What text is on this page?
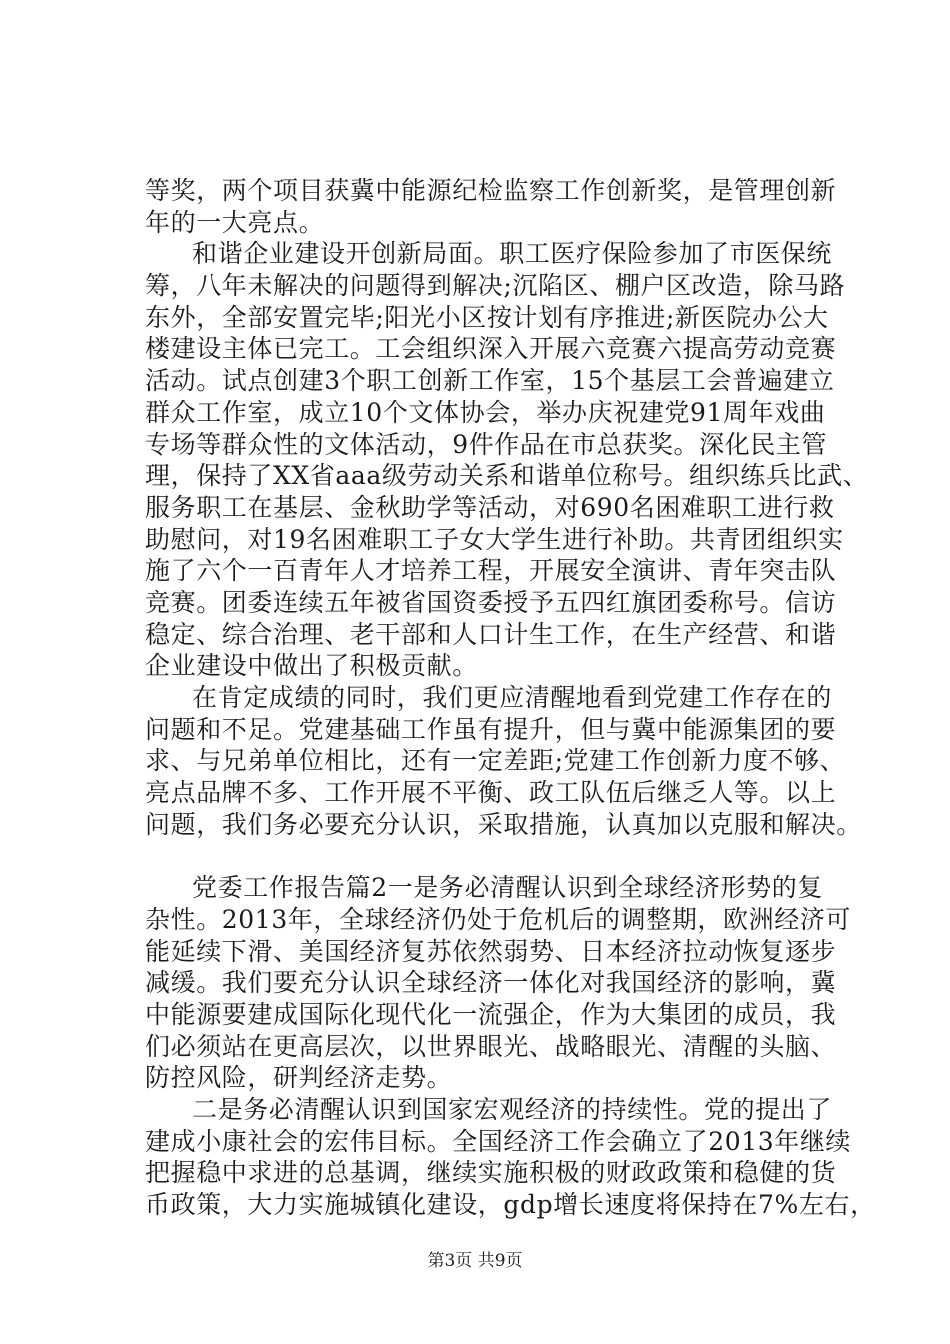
等奖，两个项目获冀中能源纪检监察工作创新奖，是管理创新
年的一大亮点。
和谐企业建设开创新局面。职工医疗保险参加了市医保统
筹，八年未解决的问题得到解决;沉陷区、棚户区改造，除马路
东外，全部安置完毕;阳光小区按计划有序推进;新医院办公大
楼建设主体已完工。工会组织深入开展六竞赛六提高劳动竞赛
活动。试点创建3个职工创新工作室，15个基层工会普遍建立
群众工作室，成立10个文体协会，举办庆祝建党91周年戏曲
专场等群众性的文体活动，9件作品在市总获奖。深化民主管
理，保持了XX省aaa级劳动关系和谐单位称号。组织练兵比武、
服务职工在基层、金秋助学等活动，对690名困难职工进行救
助慰问，对19名困难职工子女大学生进行补助。共青团组织实
施了六个一百青年人才培养工程，开展安全演讲、青年突击队
竞赛。团委连续五年被省国资委授予五四红旗团委称号。信访
稳定、综合治理、老干部和人口计生工作，在生产经营、和谐
企业建设中做出了积极贡献。
在肯定成绩的同时，我们更应清醒地看到党建工作存在的
问题和不足。党建基础工作虽有提升，但与冀中能源集团的要
求、与兄弟单位相比，还有一定差距;党建工作创新力度不够、
亮点品牌不多、工作开展不平衡、政工队伍后继乏人等。以上
问题，我们务必要充分认识，采取措施，认真加以克服和解决。
党委工作报告篇2一是务必清醒认识到全球经济形势的复
杂性。2013年，全球经济仍处于危机后的调整期，欧洲经济可
能延续下滑、美国经济复苏依然弱势、日本经济拉动恢复逐步
减缓。我们要充分认识全球经济一体化对我国经济的影响，冀
中能源要建成国际化现代化一流强企，作为大集团的成员，我
们必须站在更高层次，以世界眼光、战略眼光、清醒的头脑、
防控风险，研判经济走势。
二是务必清醒认识到国家宏观经济的持续性。党的提出了
建成小康社会的宏伟目标。全国经济工作会确立了2013年继续
把握稳中求进的总基调，继续实施积极的财政政策和稳健的货
币政策，大力实施城镇化建设，gdp增长速度将保持在7%左右，
第3页 共9页
